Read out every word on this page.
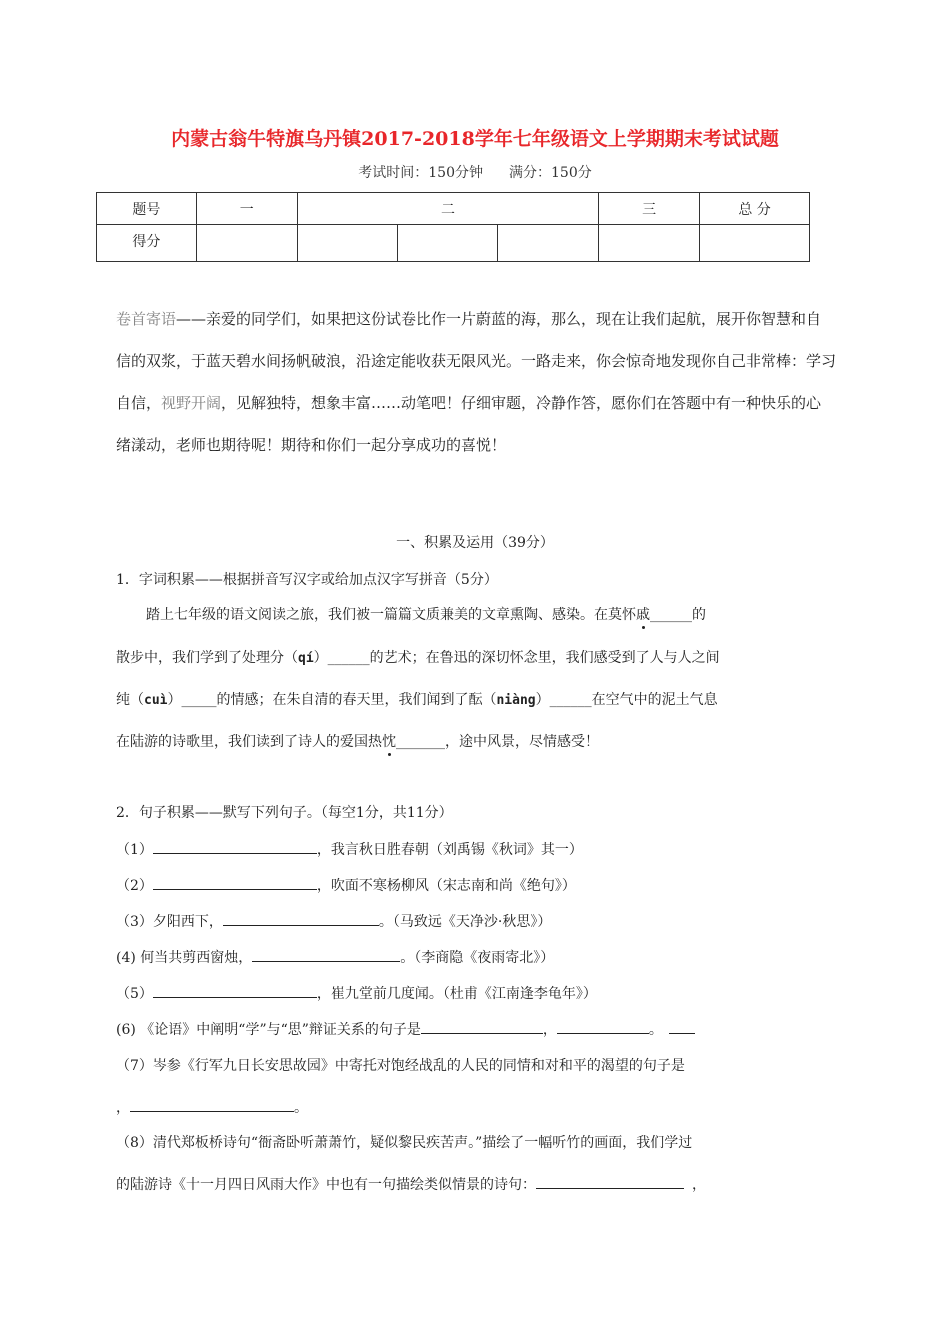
内蒙古翁牛特旗乌丹镇2017-2018学年七年级语文上学期期末考试试题
考试时间：150分钟 满分：150分
题号	一	二			三	总 分
得分						

卷首寄语——亲爱的同学们，如果把这份试卷比作一片蔚蓝的海，那么，现在让我们起航，展开你智慧和自信的双浆，于蓝天碧水间扬帆破浪，沿途定能收获无限风光。一路走来，你会惊奇地发现你自己非常棒：学习自信，视野开阔，见解独特，想象丰富……动笔吧！仔细审题，冷静作答，愿你们在答题中有一种快乐的心绪漾动，老师也期待呢！期待和你们一起分享成功的喜悦！

一、积累及运用（39分）
1．字词积累——根据拼音写汉字或给加点汉字写拼音（5分）
踏上七年级的语文阅读之旅，我们被一篇篇文质兼美的文章熏陶、感染。在莫怀戚______的
散步中，我们学到了处理分（qí）______的艺术；在鲁迅的深切怀念里，我们感受到了人与人之间
纯（cuì）_____的情感；在朱自清的春天里，我们闻到了酝（niàng）______在空气中的泥土气息
在陆游的诗歌里，我们读到了诗人的爱国热忱_______，途中风景，尽情感受！
2．句子积累——默写下列句子。（每空1分，共11分）
（1）	，我言秋日胜春朝（刘禹锡《秋词》其一）
（2）	，吹面不寒杨柳风（宋志南和尚《绝句》）
（3）夕阳西下，	。（马致远《天净沙·秋思》）
(4) 何当共剪西窗烛，	。（李商隐《夜雨寄北》）
（5）	，崔九堂前几度闻。（杜甫《江南逢李龟年》）
(6) 《论语》中阐明“学”与“思”辩证关系的句子是	，	。
（7）岑参《行军九日长安思故园》中寄托对饱经战乱的人民的同情和对和平的渴望的句子是
，	。
（8）清代郑板桥诗句“衙斋卧听萧萧竹，疑似黎民疾苦声。”描绘了一幅听竹的画面，我们学过
的陆游诗《十一月四日风雨大作》中也有一句描绘类似情景的诗句：	，
